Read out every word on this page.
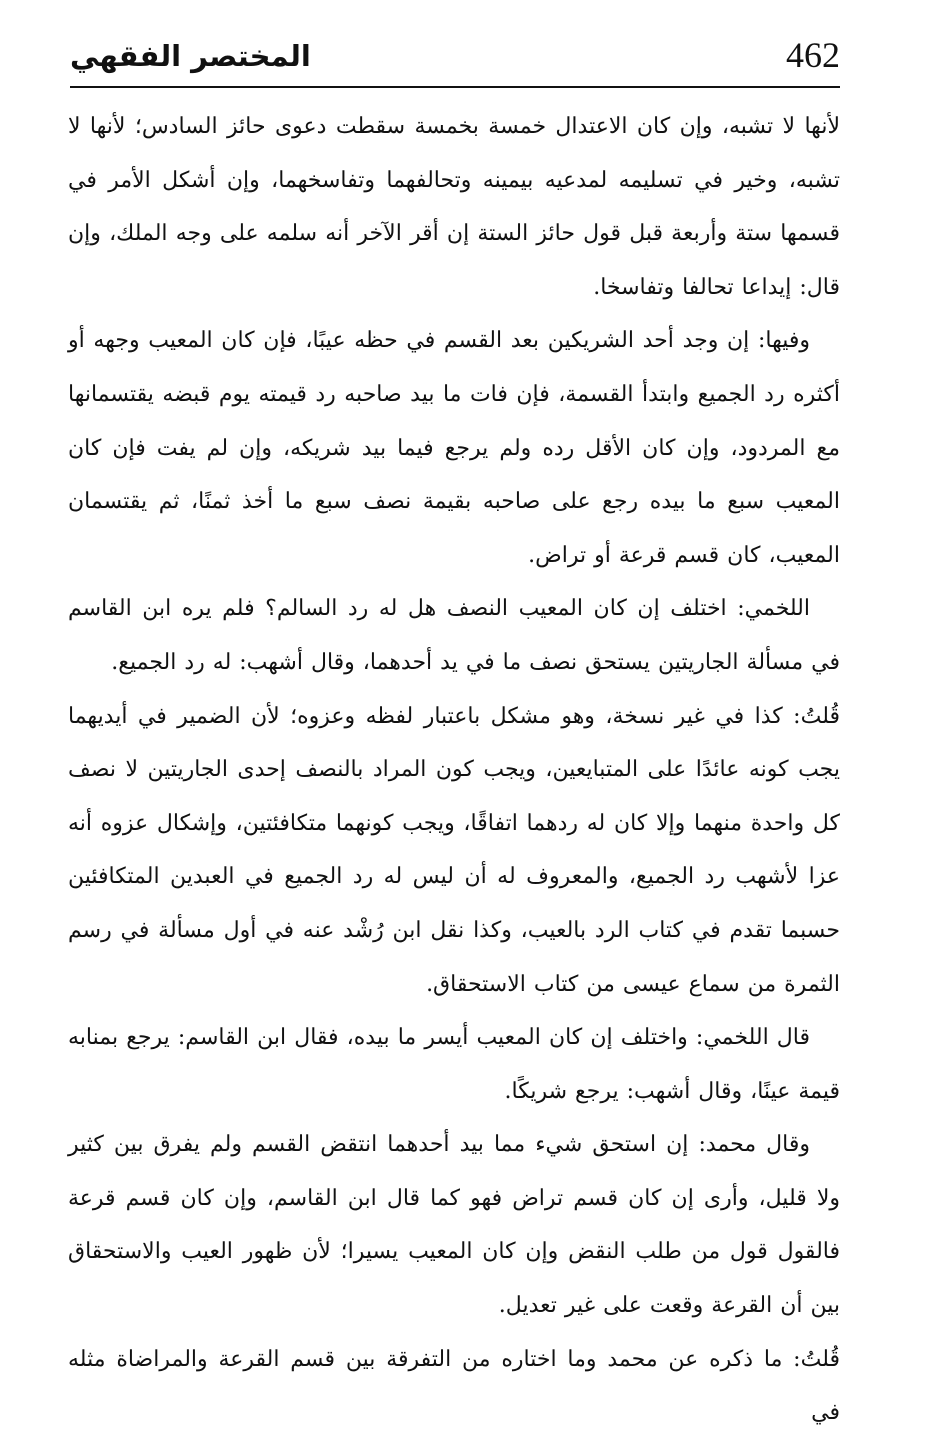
462
المختصر الفقهي

لأنها لا تشبه، وإن كان الاعتدال خمسة بخمسة سقطت دعوى حائز السادس؛ لأنها لا تشبه، وخير في تسليمه لمدعيه بيمينه وتحالفهما وتفاسخهما، وإن أشكل الأمر في قسمها ستة وأربعة قبل قول حائز الستة إن أقر الآخر أنه سلمه على وجه الملك، وإن قال: إيداعا تحالفا وتفاسخا.

وفيها: إن وجد أحد الشريكين بعد القسم في حظه عيبًا، فإن كان المعيب وجهه أو أكثره رد الجميع وابتدأ القسمة، فإن فات ما بيد صاحبه رد قيمته يوم قبضه يقتسمانها مع المردود، وإن كان الأقل رده ولم يرجع فيما بيد شريكه، وإن لم يفت فإن كان المعيب سبع ما بيده رجع على صاحبه بقيمة نصف سبع ما أخذ ثمنًا، ثم يقتسمان المعيب، كان قسم قرعة أو تراض.

اللخمي: اختلف إن كان المعيب النصف هل له رد السالم؟ فلم يره ابن القاسم في مسألة الجاريتين يستحق نصف ما في يد أحدهما، وقال أشهب: له رد الجميع.

قُلتُ: كذا في غير نسخة، وهو مشكل باعتبار لفظه وعزوه؛ لأن الضمير في أيديهما يجب كونه عائدًا على المتبايعين، ويجب كون المراد بالنصف إحدى الجاريتين لا نصف كل واحدة منهما وإلا كان له ردهما اتفاقًا، ويجب كونهما متكافئتين، وإشكال عزوه أنه عزا لأشهب رد الجميع، والمعروف له أن ليس له رد الجميع في العبدين المتكافئين حسبما تقدم في كتاب الرد بالعيب، وكذا نقل ابن رُشْد عنه في أول مسألة في رسم الثمرة من سماع عيسى من كتاب الاستحقاق.

قال اللخمي: واختلف إن كان المعيب أيسر ما بيده، فقال ابن القاسم: يرجع بمنابه قيمة عينًا، وقال أشهب: يرجع شريكًا.

وقال محمد: إن استحق شيء مما بيد أحدهما انتقض القسم ولم يفرق بين كثير ولا قليل، وأرى إن كان قسم تراض فهو كما قال ابن القاسم، وإن كان قسم قرعة فالقول قول من طلب النقض وإن كان المعيب يسيرا؛ لأن ظهور العيب والاستحقاق بين أن القرعة وقعت على غير تعديل.

قُلتُ: ما ذكره عن محمد وما اختاره من التفرقة بين قسم القرعة والمراضاة مثله في
